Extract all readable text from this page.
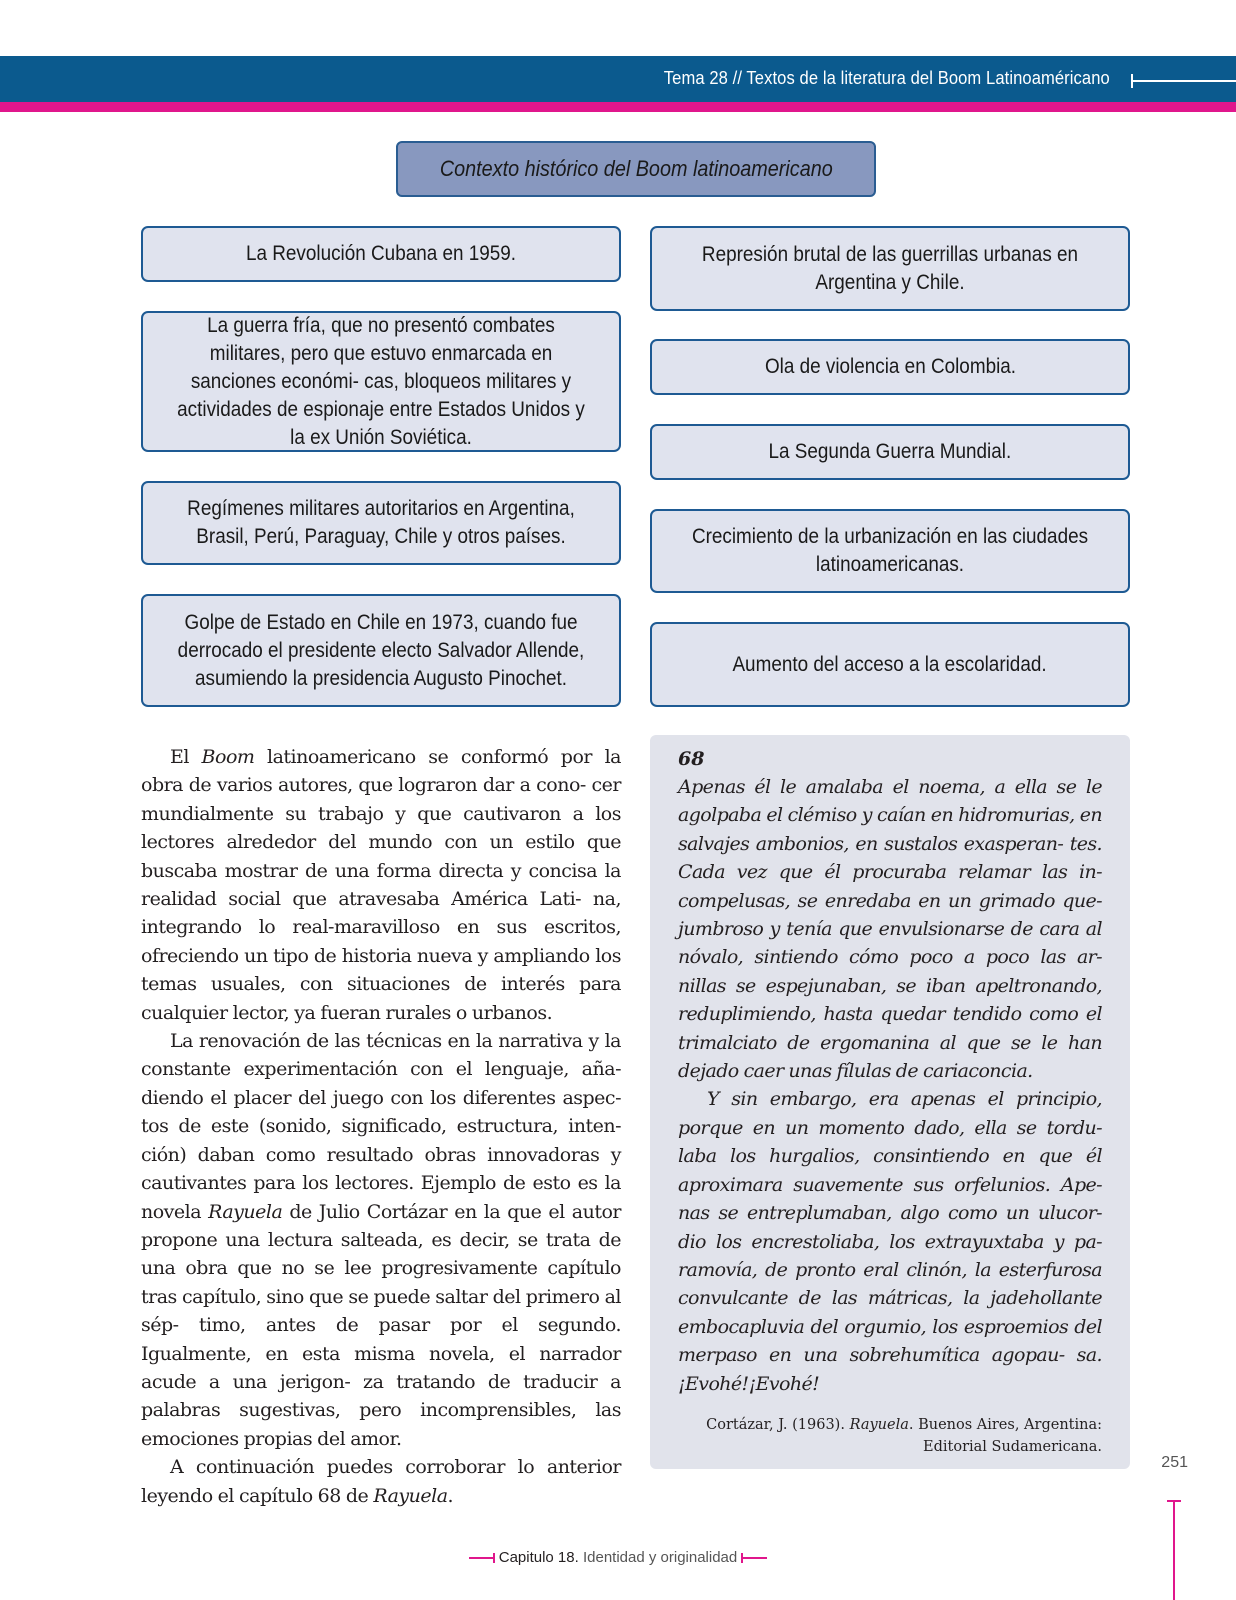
Tema 28 // Textos de la literatura del Boom Latinoaméricano
Contexto histórico del Boom latinoamericano
La Revolución Cubana en 1959.
La guerra fría, que no presentó combates militares, pero que estuvo enmarcada en sanciones económi- cas, bloqueos militares y actividades de espionaje entre Estados Unidos y la ex Unión Soviética.
Regímenes militares autoritarios en Argentina, Brasil, Perú, Paraguay, Chile y otros países.
Golpe de Estado en Chile en 1973, cuando fue derrocado el presidente electo Salvador Allende, asumiendo la presidencia Augusto Pinochet.
Represión brutal de las guerrillas urbanas en Argentina y Chile.
Ola de violencia en Colombia.
La Segunda Guerra Mundial.
Crecimiento de la urbanización en las ciudades latinoamericanas.
Aumento del acceso a la escolaridad.

El Boom latinoamericano se conformó por la obra de varios autores, que lograron dar a cono- cer mundialmente su trabajo y que cautivaron a los lectores alrededor del mundo con un estilo que buscaba mostrar de una forma directa y concisa la realidad social que atravesaba América Lati- na, integrando lo real-maravilloso en sus escritos, ofreciendo un tipo de historia nueva y ampliando los temas usuales, con situaciones de interés para cualquier lector, ya fueran rurales o urbanos.

La renovación de las técnicas en la narrativa y la constante experimentación con el lenguaje, aña- diendo el placer del juego con los diferentes aspec- tos de este (sonido, significado, estructura, inten- ción) daban como resultado obras innovadoras y cautivantes para los lectores. Ejemplo de esto es la novela Rayuela de Julio Cortázar en la que el autor propone una lectura salteada, es decir, se trata de una obra que no se lee progresivamente capítulo tras capítulo, sino que se puede saltar del primero al sép- timo, antes de pasar por el segundo. Igualmente, en esta misma novela, el narrador acude a una jerigon- za tratando de traducir a palabras sugestivas, pero incomprensibles, las emociones propias del amor.

A continuación puedes corroborar lo anterior leyendo el capítulo 68 de Rayuela.

68

Apenas él le amalaba el noema, a ella se le agolpaba el clémiso y caían en hidromurias, en salvajes ambonios, en sustalos exasperan- tes. Cada vez que él procuraba relamar las in- compelusas, se enredaba en un grimado que- jumbroso y tenía que envulsionarse de cara al nóvalo, sintiendo cómo poco a poco las ar- nillas se espejunaban, se iban apeltronando, reduplimiendo, hasta quedar tendido como el trimalciato de ergomanina al que se le han dejado caer unas fílulas de cariaconcia.

Y sin embargo, era apenas el principio, porque en un momento dado, ella se tordu- laba los hurgalios, consintiendo en que él aproximara suavemente sus orfelunios. Ape- nas se entreplumaban, algo como un ulucor- dio los encrestoliaba, los extrayuxtaba y pa- ramovía, de pronto eral clinón, la esterfurosa convulcante de las mátricas, la jadehollante embocapluvia del orgumio, los esproemios del merpaso en una sobrehumítica agopau- sa. ¡Evohé!¡Evohé!

Cortázar, J. (1963). Rayuela. Buenos Aires, Argentina:
Editorial Sudamericana.
251
Capitulo 18. Identidad y originalidad
